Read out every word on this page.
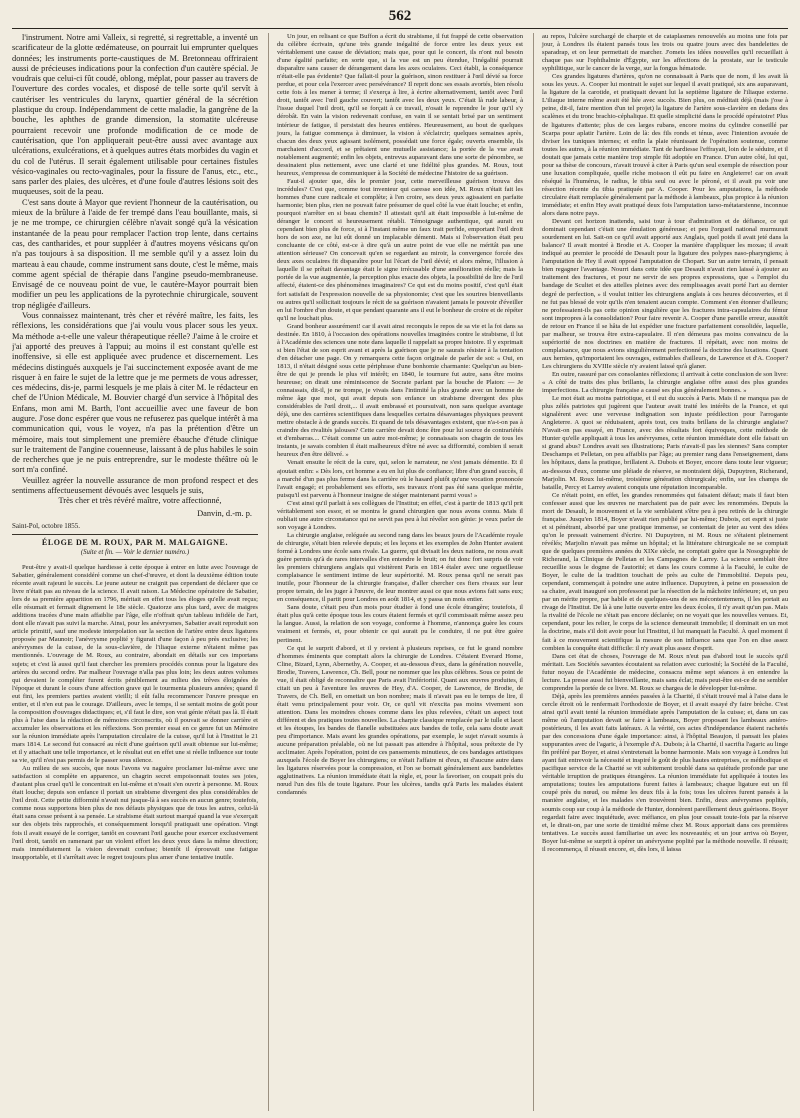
562

l'instrument. Notre ami Valleix, si regretté, si regrettable, a inventé un scarificateur de la glotte œdémateuse, on pourrait lui emprunter quelques données; les instruments porte-caustiques de M. Bretonneau offriraient aussi de précieuses indications pour la confection d'un cautère spécial. Je voudrais que celui-ci fût coudé, oblong, méplat, pour passer au travers de l'ouverture des cordes vocales, et disposé de telle sorte qu'il servît à cautériser les ventricules du larynx, quartier général de la sécrétion plastique du croup. Indépendamment de cette maladie, la gangrène de la bouche, les aphthes de grande dimension, la stomatite ulcéreuse pourraient recevoir une profonde modification de ce mode de cautérisation, que l'on appliquerait peut-être aussi avec avantage aux ulcérations, exulcérations, et à quelques autres états morbides du vagin et du col de l'utérus. Il serait également utilisable pour certaines fistules vésico-vaginales ou recto-vaginales, pour la fissure de l'anus, etc., etc., sans parler des plaies, des ulcères, et d'une foule d'autres lésions soit des muqueuses, soit de la peau.

C'est sans doute à Mayor que revient l'honneur de la cautérisation, ou mieux de la brûlure à l'aide de fer trempé dans l'eau bouillante, mais, si je ne me trompe, ce chirurgien célèbre n'avait songé qu'à la vésication instantanée de la peau pour remplacer l'action trop lente, dans certains cas, des cantharides, et pour suppléer à d'autres moyens vésicans qu'on n'a pas toujours à sa disposition. Il me semble qu'il y a assez loin du marteau à eau chaude, comme instrument sans doute, c'est le même, mais comme agent spécial de thérapie dans l'angine pseudo-membraneuse. Envisagé de ce nouveau point de vue, le cautère-Mayor pourrait bien modifier un peu les applications de la pyrotechnie chirurgicale, souvent trop négligée d'ailleurs.

Vous connaissez maintenant, très cher et révéré maître, les faits, les réflexions, les considérations que j'ai voulu vous placer sous les yeux. Ma méthode a-t-elle une valeur thérapeutique réelle? J'aime à le croire et j'ai apporté des preuves à l'appui; au moins il est constant qu'elle est inoffensive, si elle est appliquée avec prudence et discernement. Les médecins distingués auxquels je l'ai succinctement exposée avant de me risquer à en faire le sujet de la lettre que je me permets de vous adresser, ces médecins, dis-je, parmi lesquels je me plais à citer M. le rédacteur en chef de l'Union Médicale, M. Bouvier chargé d'un service à l'hôpital des Enfans, mon ami M. Barth, l'ont accueillie avec une faveur de bon augure. J'ose donc espérer que vous ne refuserez pas quelque intérêt à ma communication qui, vous le voyez, n'a pas la prétention d'être un mémoire, mais tout simplement une première ébauche d'étude clinique sur le traitement de l'angine couenneuse, laissant à de plus habiles le soin de recherches que je ne puis entreprendre, sur le modeste théâtre où le sort m'a confiné.

Veuillez agréer la nouvelle assurance de mon profond respect et des sentimens affectueusement dévoués avec lesquels je suis,

Très cher et très révéré maître, votre affectionné,

Danvin, d.-m. p.
Saint-Pol, octobre 1855.
ÉLOGE DE M. ROUX, PAR M. MALGAIGNE.
(Suite et fin. — Voir le dernier numéro.)

Peut-être y avait-il quelque hardiesse à cette époque à entrer en lutte avec l'ouvrage de Sabatier, généralement considéré comme un chef-d'œuvre, et dont la deuxième édition toute récente avait rajeuni le succès. Le jeune auteur ne craignit pas cependant de déclarer que ce livre n'était pas au niveau de la science. Il avait raison. La Médecine opératoire de Sabatier, lors de sa première apparition en 1796, méritait en effet tous les éloges qu'elle avait reçus; elle résumait et fermait dignement le 18e siècle. Quatorze ans plus tard, avec de maigres additions tracées d'une main affaiblie par l'âge, elle n'offrait qu'un tableau infidèle de l'art, dont elle n'avait pas suivi la marche. Ainsi, pour les anévrysmes, Sabatier avait reproduit son article primitif, sauf une modeste interpolation sur la section de l'artère entre deux ligatures proposée par Maunoir; l'anévrysme poplité y figurait d'une façon à peu près exclusive; les anévrysmes de la cuisse, de la sous-clavière, de l'iliaque externe n'étaient même pas mentionnés. L'ouvrage de M. Roux, au contraire, abondait en détails sur ces importans sujets; et c'est là aussi qu'il faut chercher les premiers procédés connus pour la ligature des artères du second ordre. Par malheur l'ouvrage n'alla pas plus loin; les deux autres volumes qui devaient le compléter furent écrits péniblement au milieu des trêves éloignées de l'époque et durant le cours d'une affection grave qui le tourmenta plusieurs années; quand il eut fini, les premiers parties avaient vieilli; il eût fallu recommencer l'œuvre presque en entier, et il n'en eut pas le courage. D'ailleurs, avec le temps, il se sentait moins de goût pour la composition d'ouvrages didactiques; et, s'il faut le dire, son vrai génie n'était pas là. Il était plus à l'aise dans la rédaction de mémoires circonscrits, où il pouvait se donner carrière et accumuler les observations et les réflexions. Son premier essai en ce genre fut un Mémoire sur la réunion immédiate après l'amputation circulaire de la cuisse, qu'il lut à l'Institut le 21 mars 1814. Le second fut consacré au récit d'une guérison qu'il avait obtenue sur lui-même; et il y attachait une telle importance, et le résultat eut en effet une si réelle influence sur toute sa vie, qu'il n'est pas permis de le passer sous silence.

Au milieu de ses succès, que nous l'avons vu naguère proclamer lui-même avec une satisfaction si complète en apparence, un chagrin secret empoisonnait toutes ses joies, d'autant plus cruel qu'il le concentrait en lui-même et n'osait s'en ouvrir à personne. M. Roux était louche; depuis son enfance il portait un strabisme divergent des plus considérables de l'œil droit. Cette petite difformité n'avait nui jusque-là à ses succès en aucun genre; toutefois, comme nous supportons bien plus de nos défauts physiques que de tous les autres, celui-là était sans cesse présent à sa pensée. Le strabisme était surtout marqué quand la vue s'exerçait sur des objets très rapprochés, et conséquemment lorsqu'il pratiquait une opération. Vingt fois il avait essayé de le corriger, tantôt en couvrant l'œil gauche pour exercer exclusivement l'œil droit, tantôt en ramenant par un violent effort les deux yeux dans la même direction; mais immédiatement la vision devenait confuse; bientôt il éprouvait une fatigue insupportable, et il s'arrêtait avec le regret toujours plus amer d'une tentative inutile.

Un jour, en relisant ce que Buffon a écrit du strabisme, il fut frappé de cette observation du célèbre écrivain, qu'une très grande inégalité de force entre les deux yeux est véritablement une cause de déviation; mais que, pour qui le concert, ils n'ont nul besoin d'une égalité parfaite; en sorte que, si la vue est un peu étendue, l'inégalité pourrait disparaître sans causer de dérangement dans les axes oculaires. Ceci établi, la conséquence n'était-elle pas évidente? Que fallait-il pour la guérison, sinon restituer à l'œil dévié sa force perdue, et pour cela l'exercer avec persévérance? Il reprit donc ses essais avortés, bien résolu cette fois à les mener à terme; il s'exerça à lire, à écrire alternativement, tantôt avec l'œil droit, tantôt avec l'œil gauche couvert; tantôt avec les deux yeux. C'était là rude labeur, à l'issue duquel l'œil droit, qu'il se forçait à ce travail, n'osait le reprendre le jour qu'il s'y dérobât. En vain la vision redevenait confuse, en vain il se sentait brisé par un sentiment intérieur de fatigue, il persistait des heures entières. Heureusement, au bout de quelques jours, la fatigue commença à diminuer, la vision à s'éclaircir; quelques semaines après, chacun des deux yeux agissant isolément, possédait une force égale; ouverts ensemble, ils marchaient d'accord, et se prêtaient une mutuelle assistance; la portée de la vue avait notablement augmenté; enfin les objets, entrevus auparavant dans une sorte de pénombre, se dessinaient plus nettement, avec une clarté et une fidélité plus grandes. M. Roux, tout heureux, s'empressa de communiquer à la Société de médecine l'histoire de sa guérison.

Faut-il ajouter que, dès le premier jour, cette merveilleuse guérison trouva des incrédules? C'est que, comme tout inventeur qui caresse son idée, M. Roux n'était fait les hommes d'une cure radicale et complète; à l'en croire, ses deux yeux agissaient en parfaite harmonie; bien plus, rien ne pouvait faire présumer de quel côté la vue était louche; et enfin, pourquoi n'arrêter en si beau chemin? Il attestait qu'il ait était impossible à lui-même de déranger le concert si heureusement rétabli. Témoignage authentique, qui aurait eu cependant bien plus de force, si à l'instant même un faux trait perfide, emportant l'œil droit hors de son axe, ne lui eût donné un implacable démenti. Mais si l'observation était peu concluante de ce côté, est-ce à dire qu'à un autre point de vue elle ne méritât pas une attention sérieuse? On concevait qu'en se regardant au miroir, la convergence forcée des deux axes oculaires fit disparaître pour lui l'écart de l'œil dévié; et alors même, l'illusion à laquelle il se prêtait davantage était le signe irrécusable d'une amélioration réelle; mais la portée de la vue augmentée, la perception plus exacte des objets, la possibilité de lire de l'œil affecté, étaient-ce des phénomènes imaginaires? Ce qui est du moins positif, c'est qu'il était fort satisfait de l'expression nouvelle de sa physionomie; c'est que les sourires bienveillants ou autres qu'il sollicitait toujours le récit de sa guérison n'avaient jamais le pouvoir d'éveiller en lui l'ombre d'un doute, et que pendant quarante ans il eut le bonheur de croire et de répéter qu'il ne louchait plus.

Grand bonheur assurément! car il avait ainsi reconquis le repos de sa vie et la foi dans sa destinée. En 1810, à l'occasion des opérations nouvelles imaginées contre le strabisme, il lut à l'Académie des sciences une note dans laquelle il rappelait sa propre histoire. Il y exprimait si bien l'état de son esprit avant et après la guérison que je ne saurais résister à la tentation d'en détacher une page. On y remarquera cette façon originale de parler de soi: « Oui, en 1813, il n'était désigné sous cette périphrase d'une bonhomie charmante: Quelqu'un au bien-être de qui je prends le plus vif intérêt; en 1840, le tournure fut autre, sans être moins heureuse; on dirait une réminiscence de Socrate parlant par la bouche de Platon: — Je connaissais, dit-il, je ne trompe, je vivais dans l'intimité la plus grande avec un homme de même âge que moi, qui avait depuis son enfance un strabisme divergent des plus considérables de l'œil droit,... il avait embrassé et poursuivait, non sans quelque avantage déjà, une des carrières scientifiques dans lesquelles certains désavantages physiques peuvent mettre obstacle à de grands succès. Et quand de tels désavantages existent, que n'a-t-on pas à craindre des rivalités jalouses? Cette carrière devait donc être pour lui source de contrariétés et d'embarras.... C'était comme un autre moi-même; je connaissais son chagrin de tous les instants, je savais combien il était malheureux d'être né avec sa difformité, combien il serait heureux d'en être délivré. »

Venait ensuite le récit de la cure, qui, selon le narrateur, ne s'est jamais démentie. Et il ajoutait enfin: « Dès lors, cet homme a eu en lui plus de confiance; libre d'un grand succès, il a marché d'un pas plus ferme dans la carrière où le hasard plutôt qu'une vocation prononcée l'avait engagé; et probablement ses efforts, ses travaux n'ont pas été sans quelque mérite, puisqu'il est parvenu à l'honneur insigne de siéger maintenant parmi vous! »

C'est ainsi qu'il parlait à ses collègues de l'Institut; en effet, c'est à partir de 1813 qu'il prit véritablement son essor, et se montra le grand chirurgien que nous avons connu. Mais il oubliait une autre circonstance qui ne servit pas peu à lui révéler son génie: je veux parler de son voyage à Londres.

La chirurgie anglaise, reléguée au second rang dans les beaux jours de l'Académie royale de chirurgie, s'était bien relevée depuis; et les leçons et les exemples de John Hunter avaient formé à Londres une école sans rivale. La guerre, qui divisait les deux nations, ne nous avait guère permis qu'à de rares intervalles d'en entendre le bruit; on fut donc fort surpris de voir les premiers chirurgiens anglais qui visitèrent Paris en 1814 étaler avec une orgueilleuse complaisance le sentiment intime de leur supériorité. M. Roux pensa qu'il ne serait pas inutile, pour l'honneur de la chirurgie française, d'aller chercher ces fiers rivaux sur leur propre terrain, de les juger à l'œuvre, de leur montrer aussi ce que nous avions fait sans eux; en conséquence, il partit pour Londres en août 1814, et y passa un mois entier.

Sans doute, c'était peu d'un mois pour étudier à fond une école étrangère; toutefois, il était plus qu'à cette époque tous les cours étaient fermés et qu'il commissait même assez peu la langue. Aussi, la relation de son voyage, conforme à l'homme, n'annonça guère les cours vraiment et fermés, et, pour obtenir ce qui aurait pu le conduire, il ne put être guère pertinent.

Ce qui le surprit d'abord, et il y revient à plusieurs reprises, ce fut le grand nombre d'hommes éminents que comptait alors la chirurgie de Londres. C'étaient Everard Home, Cline, Bizard, Lynn, Abernethy, A. Cooper, et au-dessous d'eux, dans la génération nouvelle, Brodie, Travers, Lawrence, Ch. Bell, pour ne nommer que les plus célèbres. Sous ce point de vue, il était obligé de reconnaître que Paris avait l'infériorité. Quant aux œuvres produites, il citait un peu à l'aventure les œuvres de Hey, d'A. Cooper, de Lawrence, de Brodie, de Travers, de Ch. Bell, en omettait un bon nombre; mais il n'avait pas eu le temps de lire, il était venu principalement pour voir. Or, ce qu'il vit n'excita pas moins vivement son attention. Dans les moindres choses comme dans les plus relevées, c'était un aspect tout différent et des pratiques toutes nouvelles. La charpie classique remplacée par le tulle et lacet et les étoupes, les bandes de flanelle substituées aux bandes de toile, cela sans doute avait peu d'importance. Mais avant les grandes opérations, par exemple, le sujet n'avait soumis à aucune préparation préalable, où ne lui passait pas attendre à l'hôpital, sous prétexte de l'y acclimater. Après l'opération, point de ces pansements minutieux, de ces bandages artistiques auxquels l'école de Boyer les chirurgiens; ce n'était l'affaire ni d'eux, ni d'aucune autre dans les ligatures réservées pour la compression, et l'on se bornait généralement aux bandelettes agglutinatives. La réunion immédiate était la règle, et, pour la favoriser, on coupait près du nœud l'un des fils de toute ligature. Pour les ulcères, tandis qu'à Paris les malades étaient condamnés

au repos, l'ulcère surchargé de charpie et de cataplasmes renouvelés au moins une fois par jour, à Londres ils étaient pansés tous les trois ou quatre jours avec des bandelettes de sparadrap, et on leur permettait de marcher. J'omets les idées nouvelles qu'il recueillait à chaque pas sur l'ophthalmie d'Égypte, sur les affections de la prostate, sur le testicule syphilitique, sur le cancer de la verge, sur la fongus hématode.

Ces grandes ligatures d'artères, qu'on ne connaissait à Paris que de nom, il les avait là sous les yeux. A. Cooper lui montrait le sujet sur lequel il avait pratiqué, six ans auparavant, la ligature de la carotide, et pratiquait devant lui la septième ligature de l'iliaque externe. L'iliaque interne même avait été liée avec succès. Bien plus, on méditait déjà (mais j'ose à peine, dit-il, faire mention d'un tel projet) la ligature de l'artère sous-clavière en dedans des scalènes et du tronc brachio-céphalique. Et quelle simplicité dans le procédé opératoire! Plus de ligatures d'attente; plus de ces larges rubans, encore moins du cylindre conseillé par Scarpa pour aplatir l'artère. Loin de là: des fils ronds et ténus, avec l'intention avouée de diviser les tuniques internes; et enfin la plaie réunissant de l'opération soutenue, comme toutes les autres, à la réunion immédiate. Tant de hardiesse l'effrayait, loin de le séduire, et il doutait que jamais cette manière trop simple fût adoptée en France. D'un autre côté, lui qui, pour sa thèse de concours, n'avait trouvé à citer à Paris qu'un seul exemple de résection pour une luxation compliquée, quelle riche moisson il eût pu faire en Angleterre! car on avait réséqué la l'humérus, le radius, le tibia seul ou avec le péroné, et il avait pu voir une résection récente du tibia pratiquée par A. Cooper. Pour les amputations, la méthode circulaire était remplacée généralement par la méthode à lambeaux, plus propice à la réunion immédiate; et enfin Hey avait pratiqué deux fois l'amputation tarso-métatarsienne, inconnue alors dans notre pays.

Devant cet horizon inattendu, saisi tour à tour d'admiration et de défiance, ce qui dominait cependant c'était une émulation généreuse; et peu l'orgueil national murmurait sourdement en lui. Sait-on ce qu'il avait apporté aux Anglais, quel poids il avait jeté dans la balance? Il avait montré à Brodie et A. Cooper la manière d'appliquer les moxas; il avait indiqué au premier le procédé de Desault pour la ligature des polypes naso-pharyngiens; à l'amputation de Hey il avait opposé l'amputation de Chopart. Sur un autre terrain, il pensait bien regagner l'avantage. Nourri dans cette idée que Desault n'avait rien laissé à ajouter au traitement des fractures, et pour ne servir de ses propres expressions, que « l'emploi du bandage de Scultet et des attelles pleines avec des remplissages avait porté l'art au dernier degré de perfection, » il voulut initier les chirurgiens anglais à ces heures découvertes, et il ne fut pas blessé de voir qu'ils n'en tenaient aucun compte. Comment s'en étonner d'ailleurs; ne professaient-ils pas cette opinion singulière que les fractures intra-capsulaires du fémur sont impropres à la consolidation? Pour faire revenir A. Cooper d'une pareille erreur, aussitôt de retour en France il se hâta de lui expédier une fracture parfaitement consolidée, laquelle, par malheur, se trouva être extra-capsulaire. Il n'en démeura pas moins convaincu de la supériorité de nos doctrines en matière de fractures. Il répétait, avec non moins de complaisance, que nous avions singulièrement perfectionné la doctrine des luxations. Quant aux hernies, qu'importaient les ouvrages, estimables d'ailleurs, de Lawrence et d'A. Cooper? Les chirurgiens du XVIIIe siècle n'y avaient laissé qu'à glaner.

En outre, rassuré par ces consolantes réflexions; il arrivait à cette conclusion de son livre: « A côté de traits des plus brillants, la chirurgie anglaise offre aussi des plus grandes imperfections. La chirurgie française a causé ses plus généralement bonnes. »

Le mot était au moins patriotique, et il eut du succès à Paris. Mais il ne manqua pas de plus zélés patriotes qui jugèrent que l'auteur avait traité les intérêts de la France, et qui signalèrent avec une verveuse indignation son injuste prédilection pour l'arrogante Angleterre. A quoi se réduisaient, après tout, ces traits brillans de la chirurgie anglaise? N'avait-on pas essayé, en France, avec des résultats fort équivoques, cette méthode de Hunter qu'elle appliquait à tous les anévrysmes, cette réunion immédiate dont elle faisait un si grand abus? Londres avait ses illustrations; Paris n'avait-il pas les siennes? Sans compter Deschamps et Pelletan, on peu affaiblis par l'âge; au premier rang dans l'enseignement, dans les hôpitaux, dans la pratique, brillaient A. Dubois et Boyer, encore dans toute leur vigueur; au-dessous d'eux, comme une pléiade de réserve, se montraient déjà, Dupuytren, Richerand, Marjolin. M. Roux lui-même, troisième génération chirurgicale; enfin, sur les champs de bataille, Percy et Larrey avaient conquis une réputation incomparable.

Ce n'était point, en effet, les grandes renommées qui faisaient défaut; mais il faut bien confesser aussi que les œuvres ne marchaient pas de pair avec les renommées. Depuis la mort de Desault, le mouvement et la vie semblaient s'être peu à peu retirés de la chirurgie française. Jusqu'en 1814, Boyer n'avait rien publié par lui-même; Dubois, cet esprit si juste et si pénétrant, absorbé par une pratique immense, se contentait de jeter au vent des idées qu'on le pressait vainement d'écrire. Ni Dupuytren, ni M. Roux ne s'étaient pleinement révélés; Marjolin n'avait pas même un hôpital; et la littérature chirurgicale ne se comptait que de quelques premières années du XIXe siècle, ne comptait guère que la Nosographie de Richerand, la Clinique de Pelletan et les Campagnes de Larrey. La science semblait être recueillie sous le dogme de l'autorité; et dans les cours comme à la Faculté, le culte de Boyer, le culte de la tradition touchait de près au culte de l'immobilité. Depuis peu, cependant, commençait à poindre une autre influence. Dupuytren, à peine en possession de sa chaire, avait inauguré son professorat par la résection de la mâchoire inférieure; et, un peu par un mérite propre, par habile et de quelques-uns de ses mécontentemens, il les portait au rivage de l'Institut. De là à une lutte ouverte entre les deux écoles, il n'y avait qu'un pas. Mais la rivalité de l'école ne s'était pas encore déclarée; on ne voyait que les nouvelles venues. Et, cependant, pour les relier, le corps de la science demeurait immobile; il dominait en un mot la doctrine, mais s'il doit avoir pour lui l'Institut, il lui manquait la Faculté. À quel moment il fait à ce mouvement scientifique la mesure de son influence sans que l'on en dise assez combien la conquête était difficile: il n'y avait plus assez d'esprit.

Dans cet état de choses, l'ouvrage de M. Roux n'eut pas d'abord tout le succès qu'il méritait. Les Sociétés savantes écoutaient sa relation avec curiosité; la Société de la Faculté, futur noyau de l'Académie de médecine, consacra même sept séances à en entendre la lecture. La presse aussi fut bienveillante, mais sans éclat; mais peut-être est-ce de ne sembler comprendre la portée de ce livre. M. Roux se chargea de le développer lui-même.

Déjà, après les premières années passées à la Charité, il s'était trouvé mal à l'aise dans le cercle étroit où le renfermait l'orthodoxie de Boyer, et il avait essayé d'y faire brèche. C'est ainsi qu'il avait tenté la réunion immédiate après l'amputation de la cuisse; et, dans un cas même où l'amputation devait se faire à lambeaux, Boyer proposant les lambeaux antéro-postérieurs, il les avait faits latéraux. A la vérité, ces actes d'indépendance étaient rachetés par des concessions d'une égale importance: ainsi, à l'hôpital Beaujon, il pansait les plaies suppurantes avec de l'agaric, à l'exemple d'A. Dubois; à la Charité, il sacrifia l'agaric au linge fin préféré par Boyer, et ainsi s'entretenait la bonne harmonie. Mais son voyage à Londres lui ayant fait entrevoir la nécessité et inspiré le goût de plus hautes entreprises, ce méthodique et pacifique service de la Charité se vit subitement troublé dans sa quiétude profonde par une véritable irruption de pratiques étrangères. La réunion immédiate fut appliquée à toutes les amputations; toutes les amputations furent faites à lambeaux; chaque ligature eut un fil coupé près du nœud, ou même les deux fils à la fois; tous les ulcères furent pansés à la manière anglaise, et les malades s'en trouvèrent bien. Enfin, deux anévrysmes poplités, soumis coup sur coup à la méthode de Hunter, donnèrent pareillement deux guérisons. Boyer regardait faire avec inquiétude, avec méfiance, en plus jour cessait toute-fois par la réserve et, le dirait-on, par une sorte de timidité même chez M. Roux apportait dans ces premières tentatives. Le succès aussi familiarise un avec les nouveautés; et un jour arriva où Boyer, Boyer lui-même se surprit à opérer un anévrysme poplité par la méthode nouvelle. Il réussit; il recommença, il réussit encore, et, dès lors, il laissa
